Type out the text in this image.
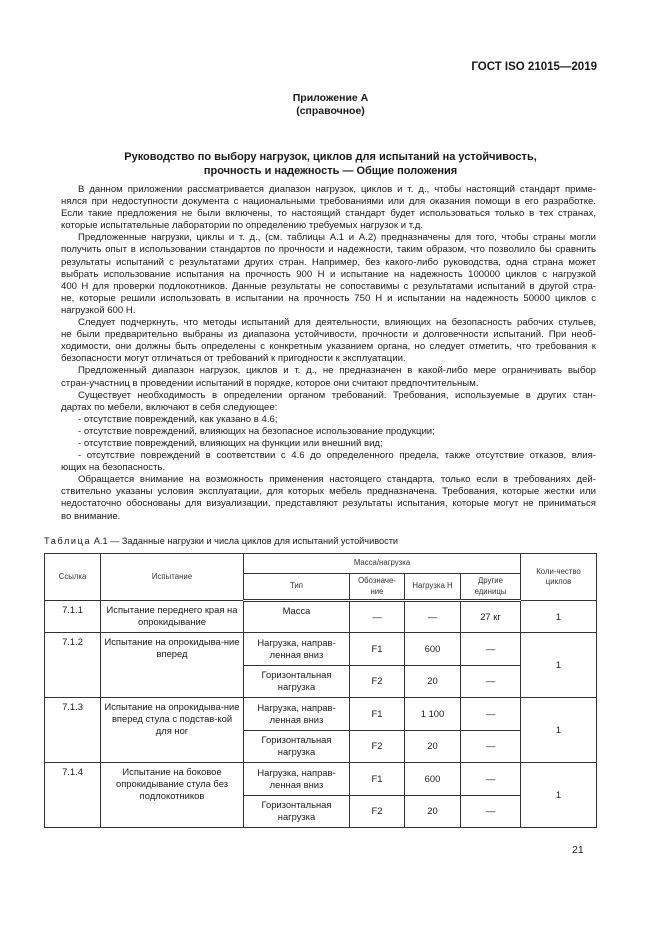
ГОСТ ISO 21015—2019
Приложение А
(справочное)
Руководство по выбору нагрузок, циклов для испытаний на устойчивость,
прочность и надежность — Общие положения
В данном приложении рассматривается диапазон нагрузок, циклов и т. д., чтобы настоящий стандарт приме-
нялся при недоступности документа с национальными требованиями или для оказания помощи в его разработке.
Если такие предложения не были включены, то настоящий стандарт будет использоваться только в тех странах,
которые испытательные лаборатории по определению требуемых нагрузок и т.д.
Предложенные нагрузки, циклы и т. д., (см. таблицы А.1 и А.2) предназначены для того, чтобы страны могли
получить опыт в использовании стандартов по прочности и надежности, таким образом, что позволило бы сравнить
результаты испытаний с результатами других стран. Например, без какого-либо руководства, одна страна может
выбрать использование испытания на прочность 900 Н и испытание на надежность 100000 циклов с нагрузкой
400 Н для проверки подлокотников. Данные результаты не сопоставимы с результатами испытаний в другой стра-
не, которые решили использовать в испытании на прочность 750 Н и испытании на надежность 50000 циклов с
нагрузкой 600 Н.
Следует подчеркнуть, что методы испытаний для деятельности, влияющих на безопасность рабочих стульев,
не были предварительно выбраны из диапазона устойчивости, прочности и долговечности испытаний. При необ-
ходимости, они должны быть определены с конкретным указанием органа, но следует отметить, что требования к
безопасности могут отличаться от требований к пригодности к эксплуатации.
Предложенный диапазон нагрузок, циклов и т. д., не предназначен в какой-либо мере ограничивать выбор
стран-участниц в проведении испытаний в порядке, которое они считают предпочтительным.
Существует необходимость в определении органом требований. Требования, используемые в других стан-
дартах по мебели, включают в себя следующее:
- отсутствие повреждений, как указано в 4.6;
- отсутствие повреждений, влияющих на безопасное использование продукции;
- отсутствие повреждений, влияющих на функции или внешний вид;
- отсутствие повреждений в соответствии с 4.6 до определенного предела, также отсутствие отказов, влия-
ющих на безопасность.
Обращается внимание на возможность применения настоящего стандарта, только если в требованиях дей-
ствительно указаны условия эксплуатации, для которых мебель предназначена. Требования, которые жестки или
недостаточно обоснованы для визуализации, представляют результаты испытания, которые могут не приниматься
во внимание.
Таблица А.1 — Заданные нагрузки и числа циклов для испытаний устойчивости
Ссылка	Испытание	Масса/нагрузка				Коли-чество циклов
		Тип	Обозначе-ние	Нагрузка Н	Другие единицы	
7.1.1	Испытание переднего края на опрокидывание	Масса	—	—	27 кг	1
7.1.2	Испытание на опрокидыва-ние вперед	Нагрузка, направ-ленная вниз	F1	600	—	1
		Горизонтальная нагрузка	F2	20	—	
7.1.3	Испытание на опрокидыва-ние вперед стула с подстав-кой для ног	Нагрузка, направ-ленная вниз	F1	1 100	—	1
		Горизонтальная нагрузка	F2	20	—	
7.1.4	Испытание на боковое опрокидывание стула без подлокотников	Нагрузка, направ-ленная вниз	F1	600	—	1
		Горизонтальная нагрузка	F2	20	—	
21
